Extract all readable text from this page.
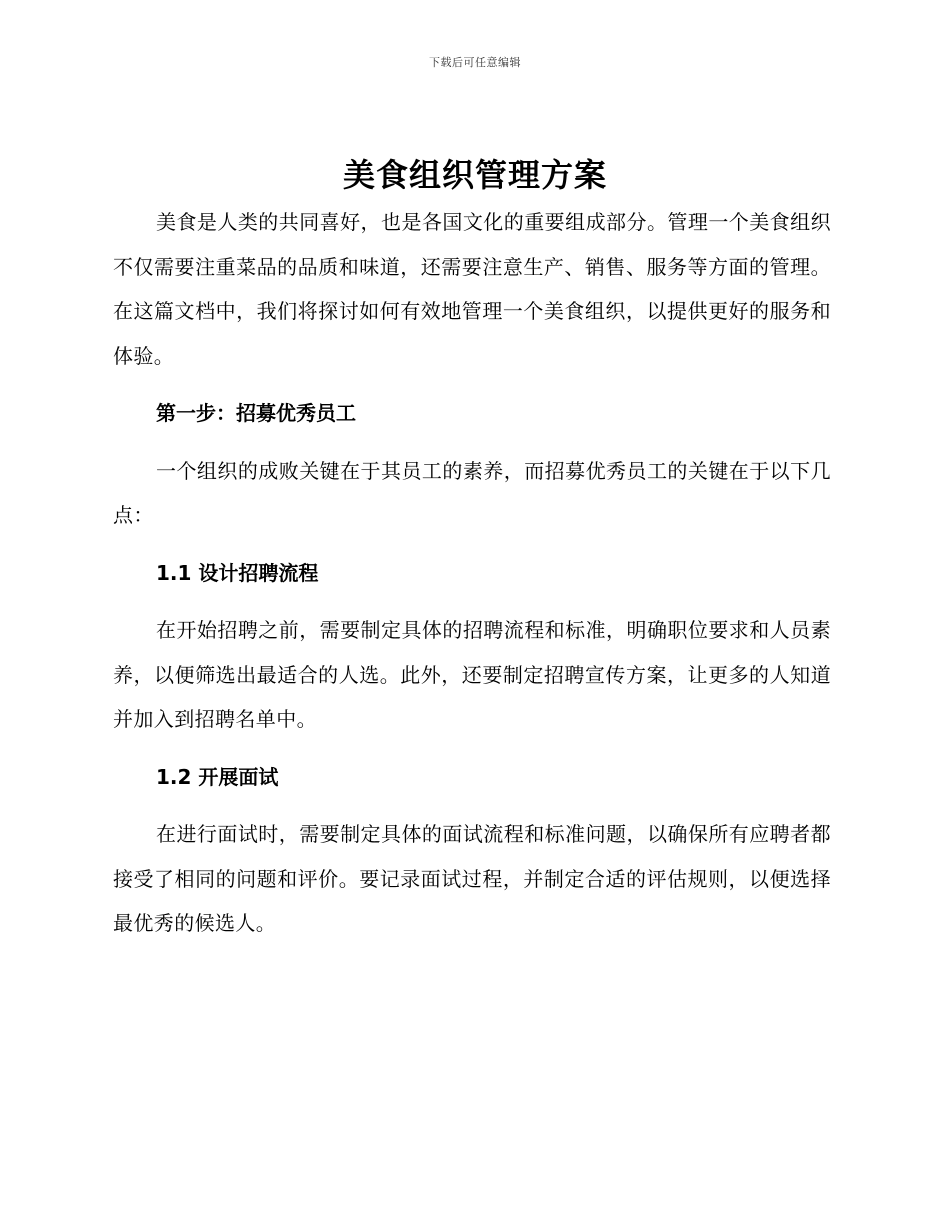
下载后可任意编辑
美食组织管理方案

美食是人类的共同喜好，也是各国文化的重要组成部分。管理一个美食组织不仅需要注重菜品的品质和味道，还需要注意生产、销售、服务等方面的管理。在这篇文档中，我们将探讨如何有效地管理一个美食组织，以提供更好的服务和体验。

第一步：招募优秀员工

一个组织的成败关键在于其员工的素养，而招募优秀员工的关键在于以下几点：

1.1 设计招聘流程

在开始招聘之前，需要制定具体的招聘流程和标准，明确职位要求和人员素养，以便筛选出最适合的人选。此外，还要制定招聘宣传方案，让更多的人知道并加入到招聘名单中。

1.2 开展面试

在进行面试时，需要制定具体的面试流程和标准问题，以确保所有应聘者都接受了相同的问题和评价。要记录面试过程，并制定合适的评估规则，以便选择最优秀的候选人。
